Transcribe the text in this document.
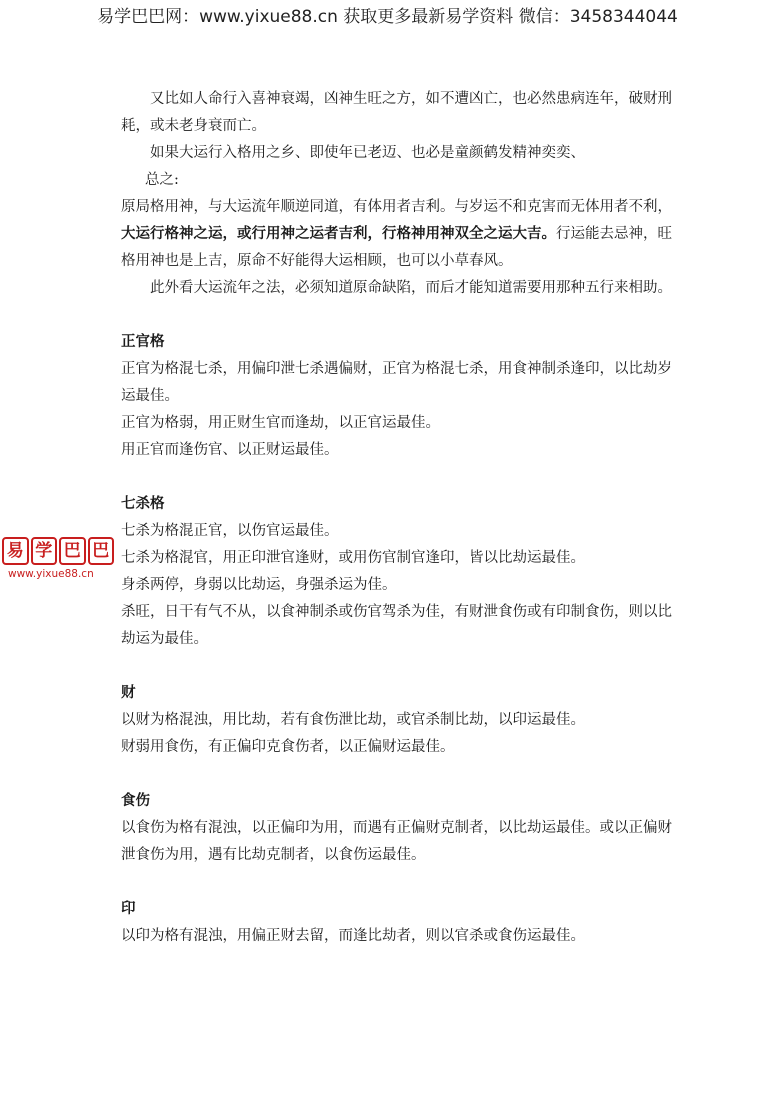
易学巴巴网：www.yixue88.cn 获取更多最新易学资料 微信：3458344044
易 学 巴 巴
www.yixue88.cn

又比如人命行入喜神衰竭，凶神生旺之方，如不遭凶亡，也必然患病连年，破财刑耗，或未老身衰而亡。

如果大运行入格用之乡、即使年已老迈、也必是童颜鹤发精神奕奕、

总之:

原局格用神，与大运流年顺逆同道，有体用者吉利。与岁运不和克害而无体用者不利，大运行格神之运，或行用神之运者吉利，行格神用神双全之运大吉。行运能去忌神，旺格用神也是上吉，原命不好能得大运相顾，也可以小草春风。

此外看大运流年之法，必须知道原命缺陷，而后才能知道需要用那种五行来相助。

正官格

正官为格混七杀，用偏印泄七杀遇偏财，正官为格混七杀，用食神制杀逢印，以比劫岁运最佳。

正官为格弱，用正财生官而逢劫，以正官运最佳。

用正官而逢伤官、以正财运最佳。

七杀格

七杀为格混正官，以伤官运最佳。

七杀为格混官，用正印泄官逢财，或用伤官制官逢印，皆以比劫运最佳。

身杀两停，身弱以比劫运，身强杀运为佳。

杀旺，日干有气不从，以食神制杀或伤官驾杀为佳，有财泄食伤或有印制食伤，则以比劫运为最佳。

财

以财为格混浊，用比劫，若有食伤泄比劫，或官杀制比劫，以印运最佳。

财弱用食伤，有正偏印克食伤者，以正偏财运最佳。

食伤

以食伤为格有混浊，以正偏印为用，而遇有正偏财克制者，以比劫运最佳。或以正偏财泄食伤为用，遇有比劫克制者，以食伤运最佳。

印

以印为格有混浊，用偏正财去留，而逢比劫者，则以官杀或食伤运最佳。
